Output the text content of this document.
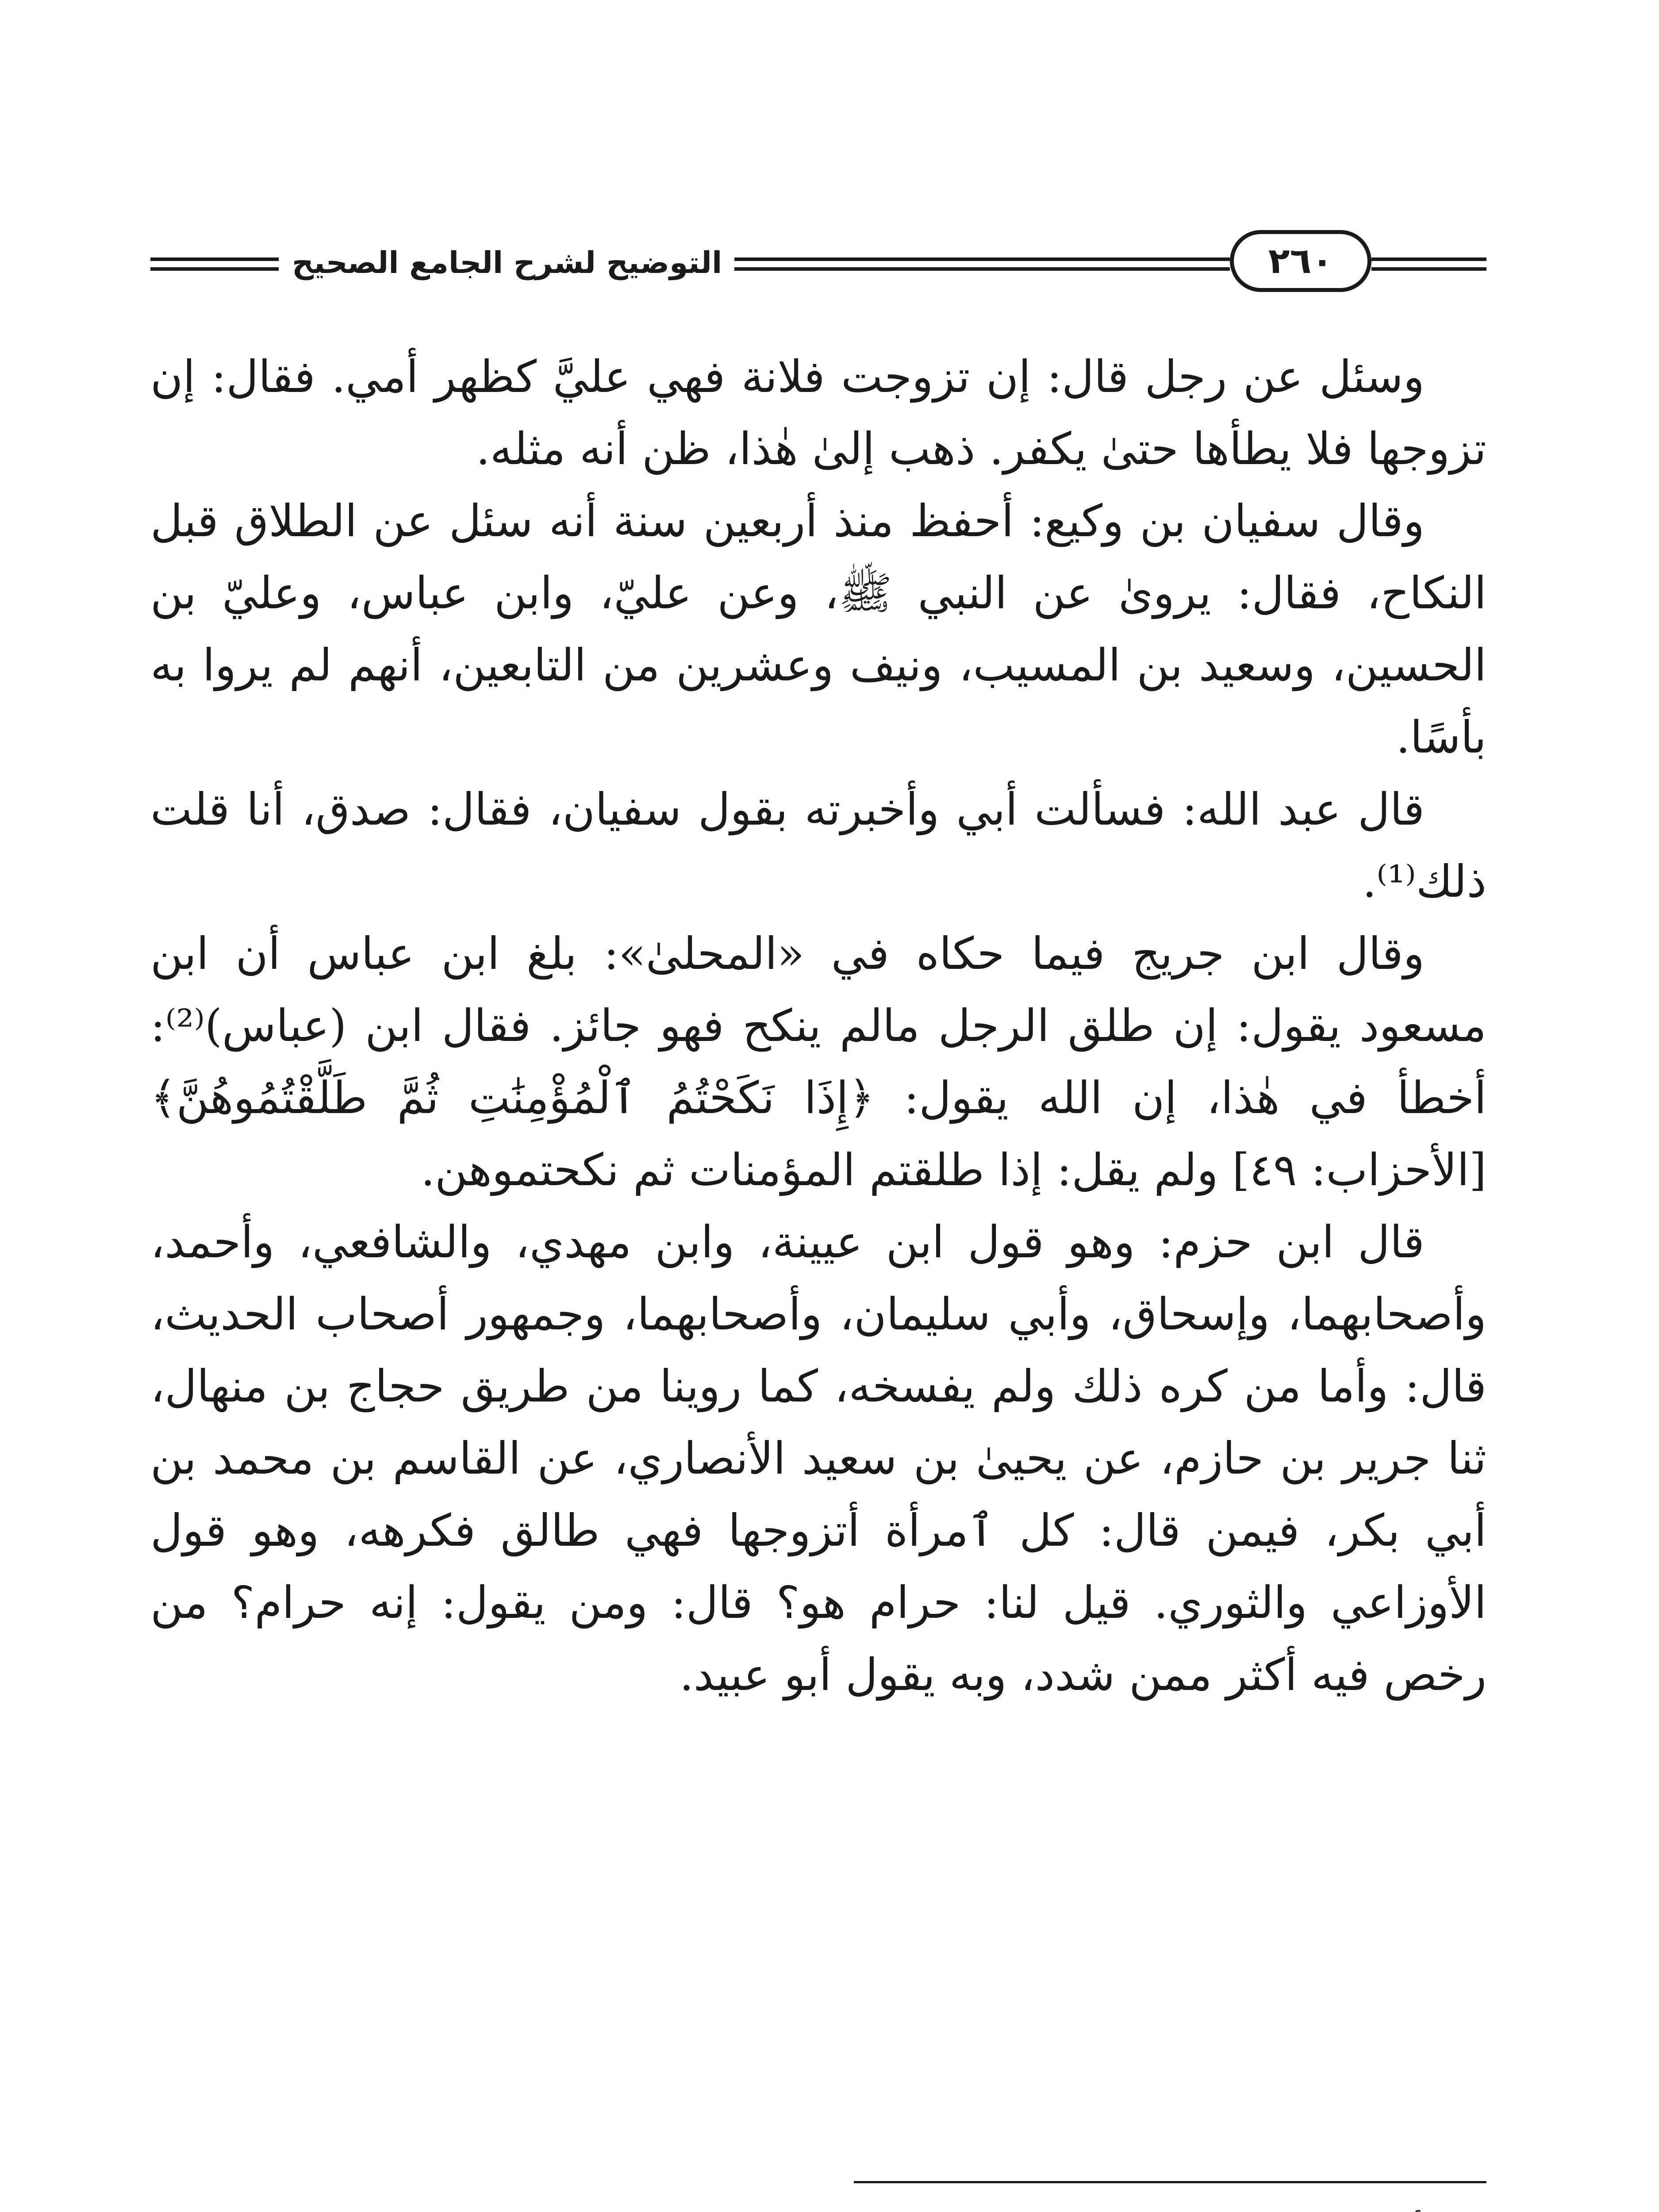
التوضيح لشرح الجامع الصحيح	٢٦٠

وسئل عن رجل قال: إن تزوجت فلانة فهي عليَّ كظهر أمي. فقال: إن تزوجها فلا يطأها حتىٰ يكفر. ذهب إلىٰ هٰذا، ظن أنه مثله.

وقال سفيان بن وكيع: أحفظ منذ أربعين سنة أنه سئل عن الطلاق قبل النكاح، فقال: يروىٰ عن النبي ﷺ، وعن عليّ، وابن عباس، وعليّ بن الحسين، وسعيد بن المسيب، ونيف وعشرين من التابعين، أنهم لم يروا به بأسًا.

قال عبد الله: فسألت أبي وأخبرته بقول سفيان، فقال: صدق، أنا قلت ذلك⁽¹⁾.

وقال ابن جريج فيما حكاه في «المحلىٰ»: بلغ ابن عباس أن ابن مسعود يقول: إن طلق الرجل مالم ينكح فهو جائز. فقال ابن (عباس)⁽²⁾: أخطأ في هٰذا، إن الله يقول: ﴿إِذَا نَكَحْتُمُ ٱلْمُؤْمِنَٰتِ ثُمَّ طَلَّقْتُمُوهُنَّ﴾ [الأحزاب: ٤٩] ولم يقل: إذا طلقتم المؤمنات ثم نكحتموهن.

قال ابن حزم: وهو قول ابن عيينة، وابن مهدي، والشافعي، وأحمد، وأصحابهما، وإسحاق، وأبي سليمان، وأصحابهما، وجمهور أصحاب الحديث، قال: وأما من كره ذلك ولم يفسخه، كما روينا من طريق حجاج بن منهال، ثنا جرير بن حازم، عن يحيىٰ بن سعيد الأنصاري، عن القاسم بن محمد بن أبي بكر، فيمن قال: كل ٱمرأة أتزوجها فهي طالق فكرهه، وهو قول الأوزاعي والثوري. قيل لنا: حرام هو؟ قال: ومن يقول: إنه حرام؟ من رخص فيه أكثر ممن شدد، وبه يقول أبو عبيد.
